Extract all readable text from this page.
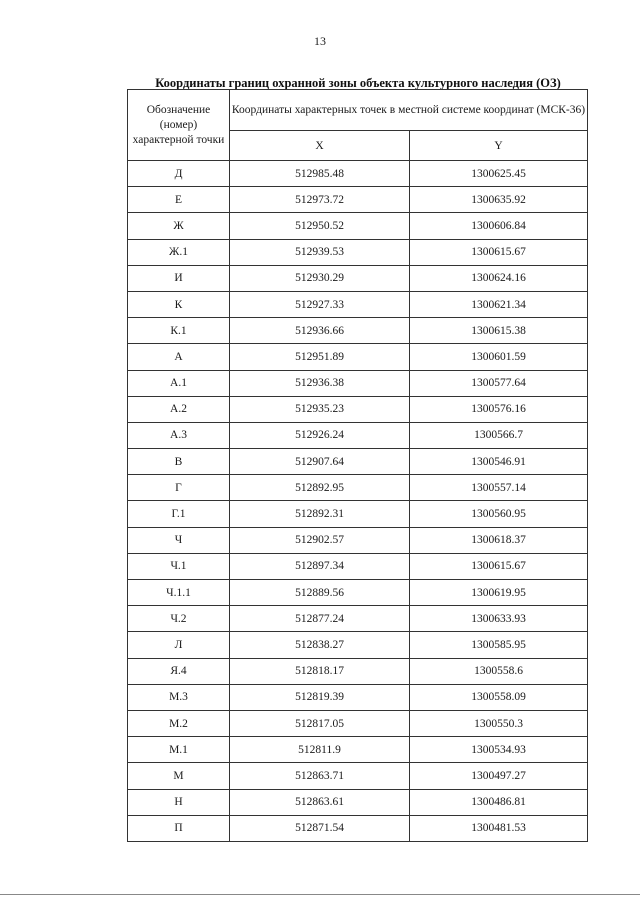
13
Координаты границ охранной зоны объекта культурного наследия (ОЗ)
Обозначение (номер) характерной точки	Координаты характерных точек в местной системе координат (МСК-36)	
	X	Y
Д	512985.48	1300625.45
Е	512973.72	1300635.92
Ж	512950.52	1300606.84
Ж.1	512939.53	1300615.67
И	512930.29	1300624.16
К	512927.33	1300621.34
К.1	512936.66	1300615.38
А	512951.89	1300601.59
А.1	512936.38	1300577.64
А.2	512935.23	1300576.16
А.3	512926.24	1300566.7
В	512907.64	1300546.91
Г	512892.95	1300557.14
Г.1	512892.31	1300560.95
Ч	512902.57	1300618.37
Ч.1	512897.34	1300615.67
Ч.1.1	512889.56	1300619.95
Ч.2	512877.24	1300633.93
Л	512838.27	1300585.95
Я.4	512818.17	1300558.6
М.3	512819.39	1300558.09
М.2	512817.05	1300550.3
М.1	512811.9	1300534.93
М	512863.71	1300497.27
Н	512863.61	1300486.81
П	512871.54	1300481.53
